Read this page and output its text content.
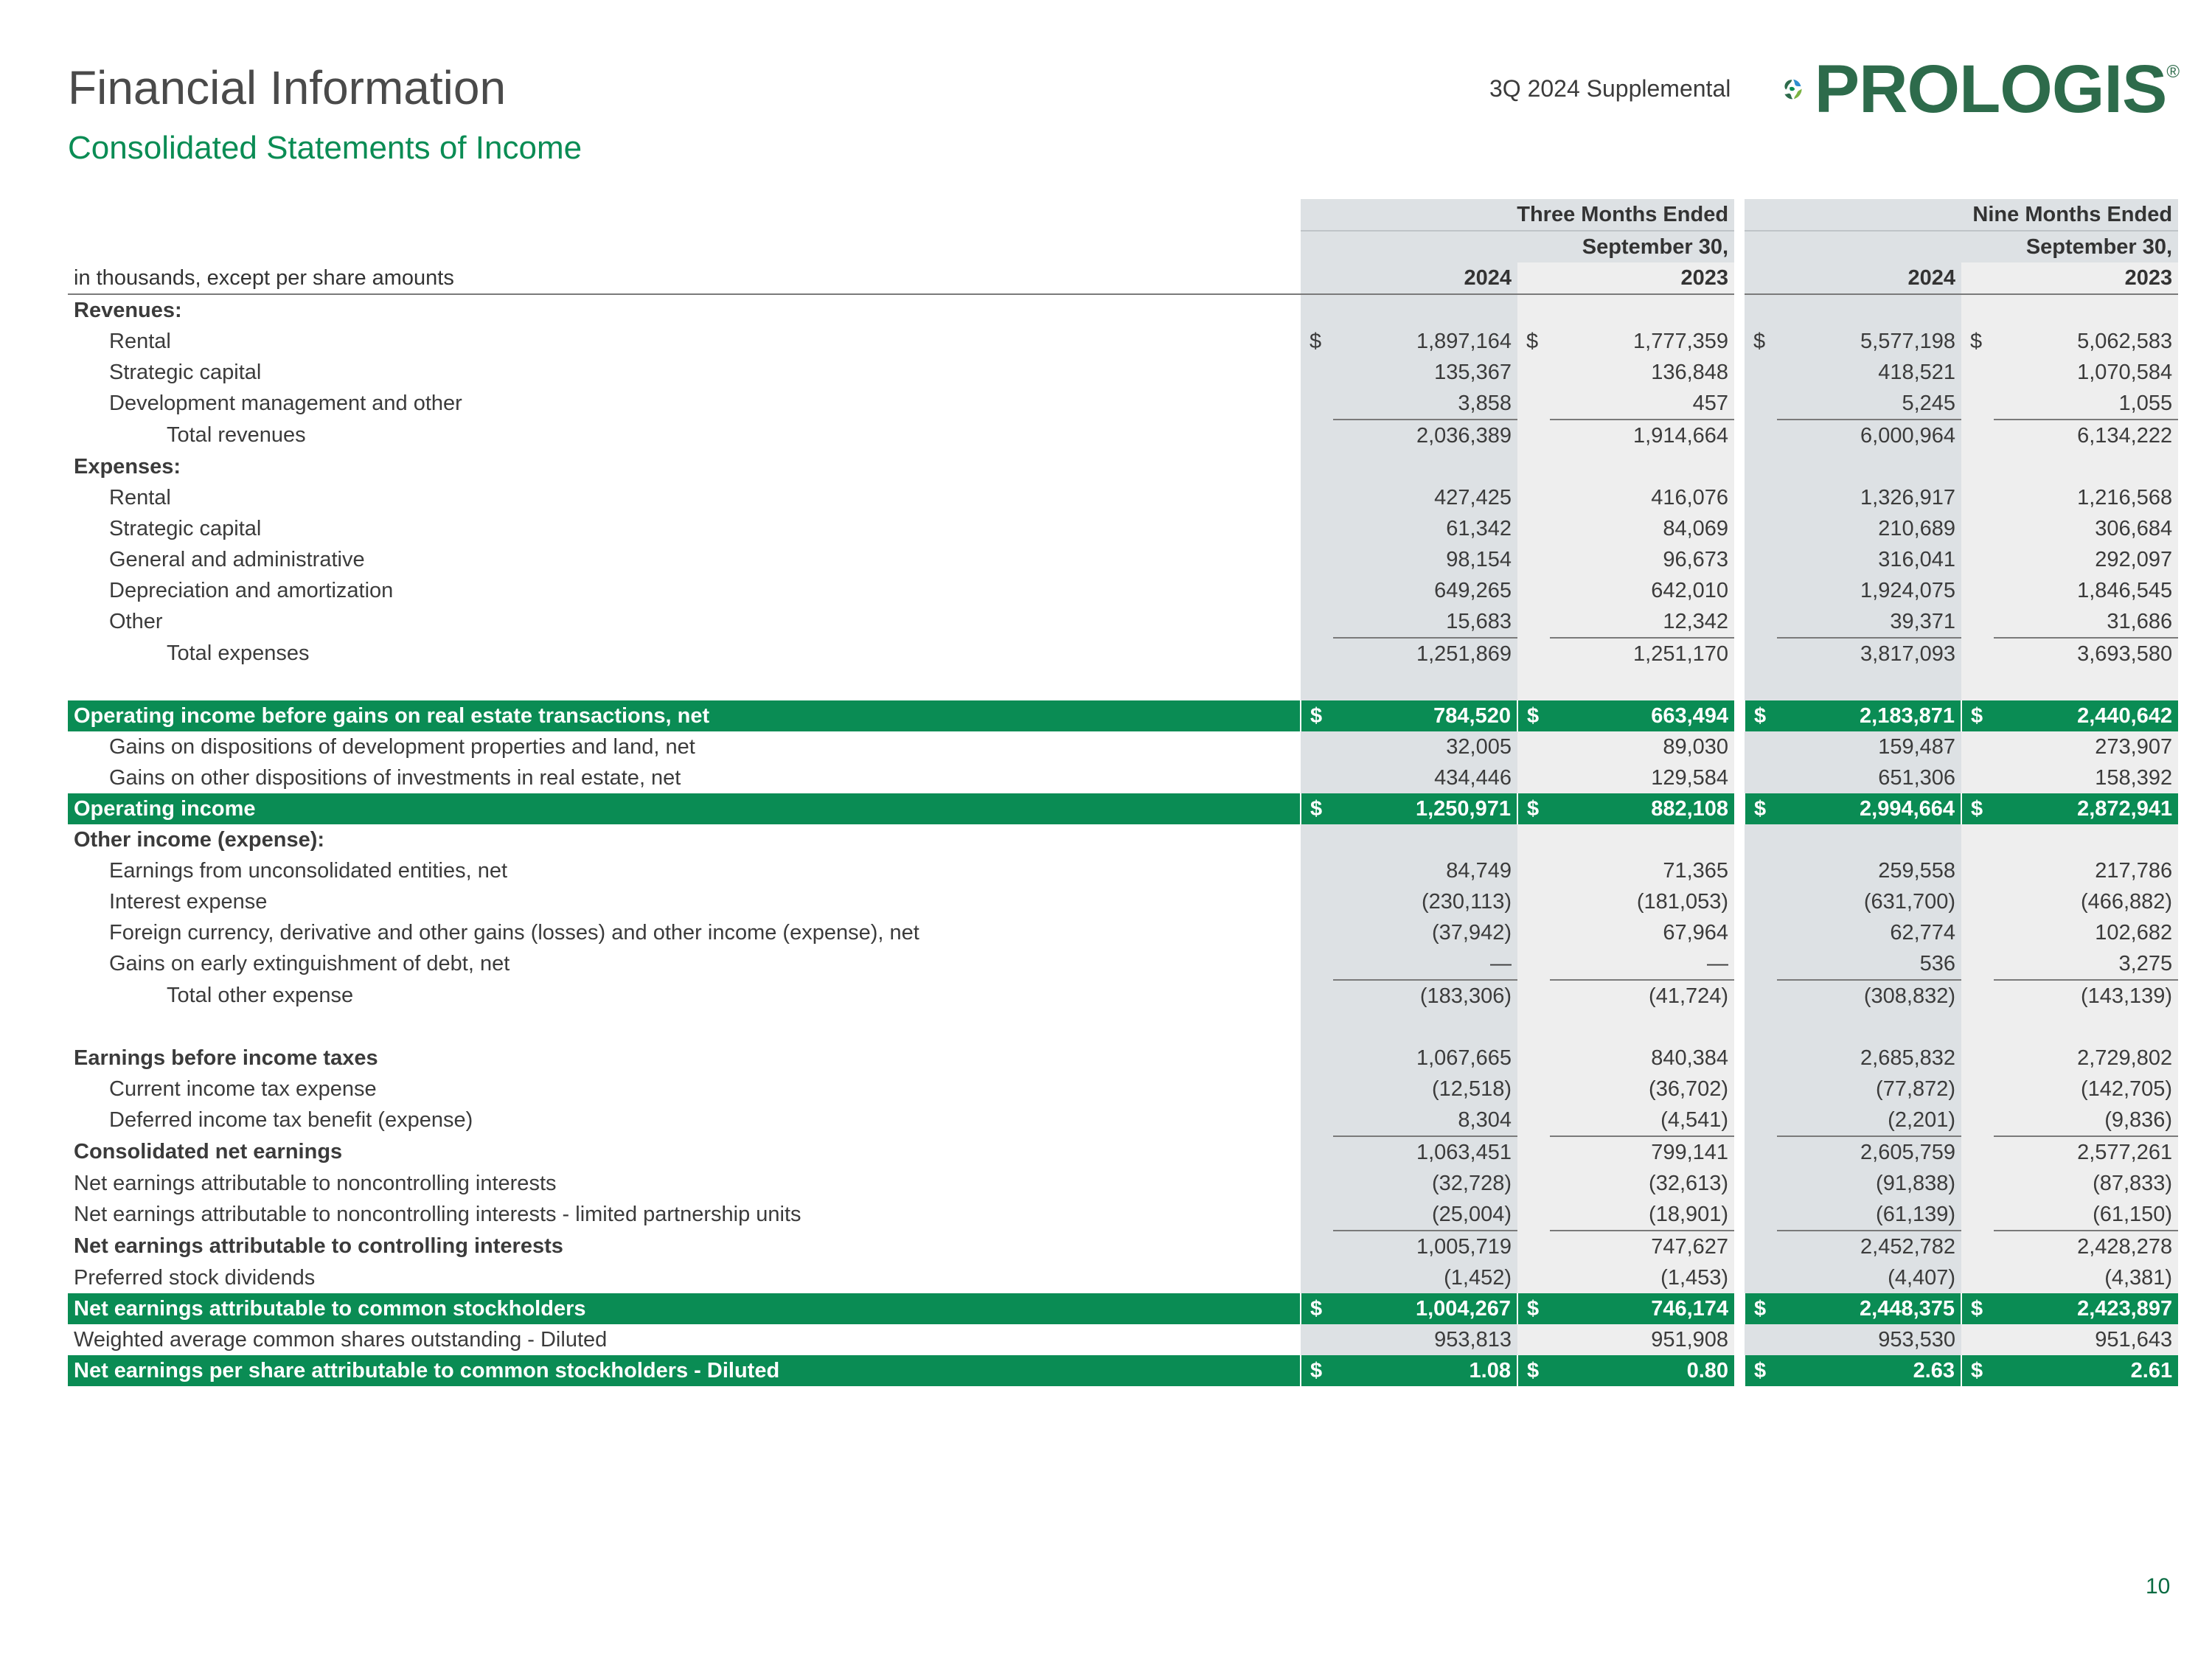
Financial Information
Consolidated Statements of Income
3Q 2024 Supplemental PROLOGIS ®
	Three Months Ended					Nine Months Ended			
			September 30,					September 30,	
in thousands, except per share amounts	2024		2023			2024		2023	
Revenues:									
Rental	$	1,897,164	$	1,777,359		$	5,577,198	$	5,062,583
Strategic capital		135,367		136,848			418,521		1,070,584
Development management and other		3,858		457			5,245		1,055
Total revenues		2,036,389		1,914,664			6,000,964		6,134,222
Expenses:									
Rental		427,425		416,076			1,326,917		1,216,568
Strategic capital		61,342		84,069			210,689		306,684
General and administrative		98,154		96,673			316,041		292,097
Depreciation and amortization		649,265		642,010			1,924,075		1,846,545
Other		15,683		12,342			39,371		31,686
Total expenses		1,251,869		1,251,170			3,817,093		3,693,580

Operating income before gains on real estate transactions, net	$	784,520	$	663,494		$	2,183,871	$	2,440,642
Gains on dispositions of development properties and land, net		32,005		89,030			159,487		273,907
Gains on other dispositions of investments in real estate, net		434,446		129,584			651,306		158,392
Operating income	$	1,250,971	$	882,108		$	2,994,664	$	2,872,941
Other income (expense):									
Earnings from unconsolidated entities, net		84,749		71,365			259,558		217,786
Interest expense		(230,113)		(181,053)			(631,700)		(466,882)
Foreign currency, derivative and other gains (losses) and other income (expense), net		(37,942)		67,964			62,774		102,682
Gains on early extinguishment of debt, net		—		—			536		3,275
Total other expense		(183,306)		(41,724)			(308,832)		(143,139)

Earnings before income taxes		1,067,665		840,384			2,685,832		2,729,802
Current income tax expense		(12,518)		(36,702)			(77,872)		(142,705)
Deferred income tax benefit (expense)		8,304		(4,541)			(2,201)		(9,836)
Consolidated net earnings		1,063,451		799,141			2,605,759		2,577,261
Net earnings attributable to noncontrolling interests		(32,728)		(32,613)			(91,838)		(87,833)
Net earnings attributable to noncontrolling interests - limited partnership units		(25,004)		(18,901)			(61,139)		(61,150)
Net earnings attributable to controlling interests		1,005,719		747,627			2,452,782		2,428,278
Preferred stock dividends		(1,452)		(1,453)			(4,407)		(4,381)
Net earnings attributable to common stockholders	$	1,004,267	$	746,174		$	2,448,375	$	2,423,897
Weighted average common shares outstanding - Diluted		953,813		951,908			953,530		951,643
Net earnings per share attributable to common stockholders - Diluted	$	1.08	$	0.80		$	2.63	$	2.61
10
